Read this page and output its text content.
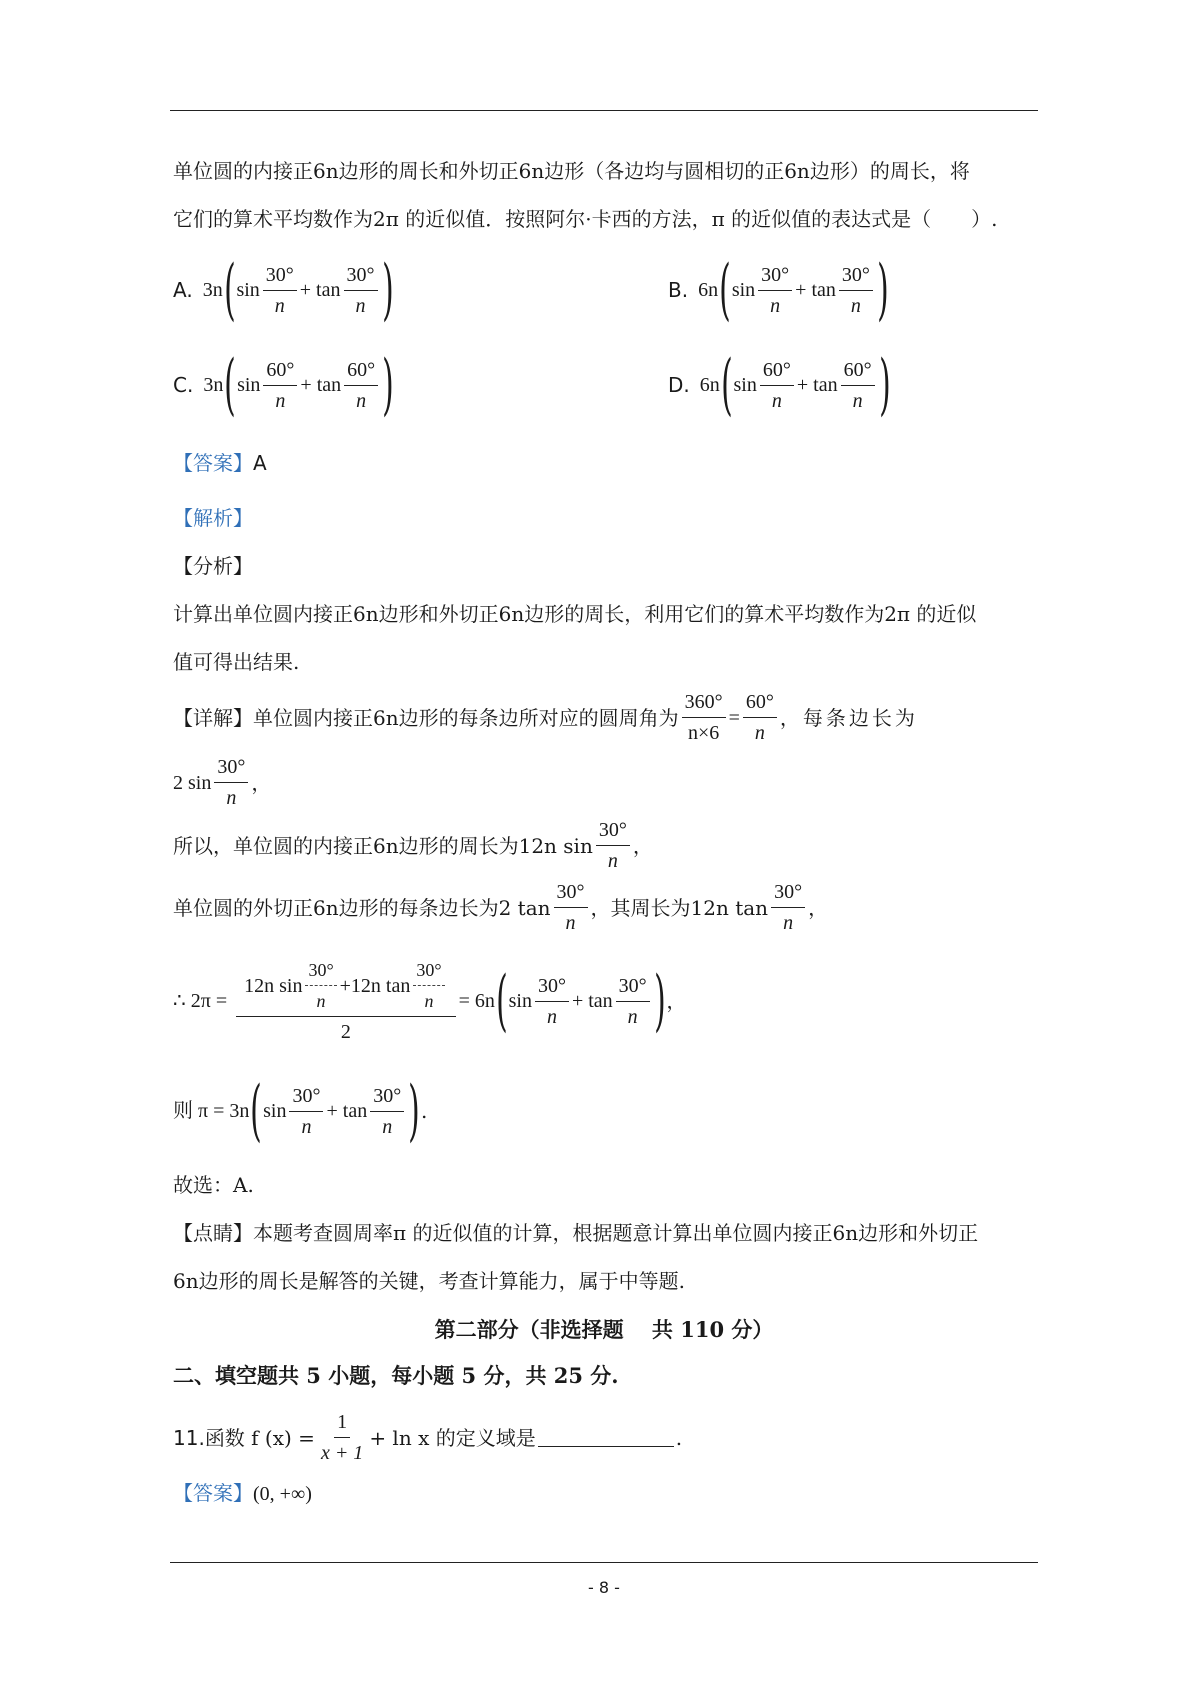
单位圆的内接正6n边形的周长和外切正6n边形（各边均与圆相切的正6n边形）的周长，将
它们的算术平均数作为2π 的近似值．按照阿尔·卡西的方法，π 的近似值的表达式是（　　）.
A. 3n ( $\sin \frac{30^\circ}{n} + \tan \frac{30^\circ}{n}$ )	B. 6n ( $\sin \frac{30^\circ}{n} + \tan \frac{30^\circ}{n}$ )
C. 3n ( $\sin \frac{60^\circ}{n} + \tan \frac{60^\circ}{n}$ )	D. 6n ( $\sin \frac{60^\circ}{n} + \tan \frac{60^\circ}{n}$ )
【答案】A
【解析】
【分析】
计算出单位圆内接正6n边形和外切正6n边形的周长，利用它们的算术平均数作为2π 的近似
值可得出结果.
【详解】 单位圆内接正6n边形的每条边所对应的圆周角为 $\frac{360^\circ}{n\times 6} = \frac{60^\circ}{n}$ ，每条边长为
2 $\sin \frac{30^\circ}{n}$ ，
所以，单位圆的内接正6n边形的周长为12n $\sin \frac{30^\circ}{n}$ ，
单位圆的外切正6n边形的每条边长为2 $\tan \frac{30^\circ}{n}$ ，其周长为12n $\tan \frac{30^\circ}{n}$ ，
∴ $2\pi = \frac{12n \sin \frac{30^\circ}{n} +12n \tan \frac{30^\circ}{n}}{2} = 6n$ ( $\sin \frac{30^\circ}{n} + \tan \frac{30^\circ}{n}$ ) ，
则 π = 3n ( $\sin \frac{30^\circ}{n} + \tan \frac{30^\circ}{n}$ ) .
故选：A.
【点睛】本题考查圆周率π 的近似值的计算，根据题意计算出单位圆内接正6n边形和外切正
6n边形的周长是解答的关键，考查计算能力，属于中等题.
第二部分（非选择题　 共 110 分）
二、填空题共 5 小题，每小题 5 分，共 25 分.
11. 函数 f $(x) = \frac{1}{x + 1} + \ln x$ 的定义域是	.
【答案】(0, +∞)
- 8 -
